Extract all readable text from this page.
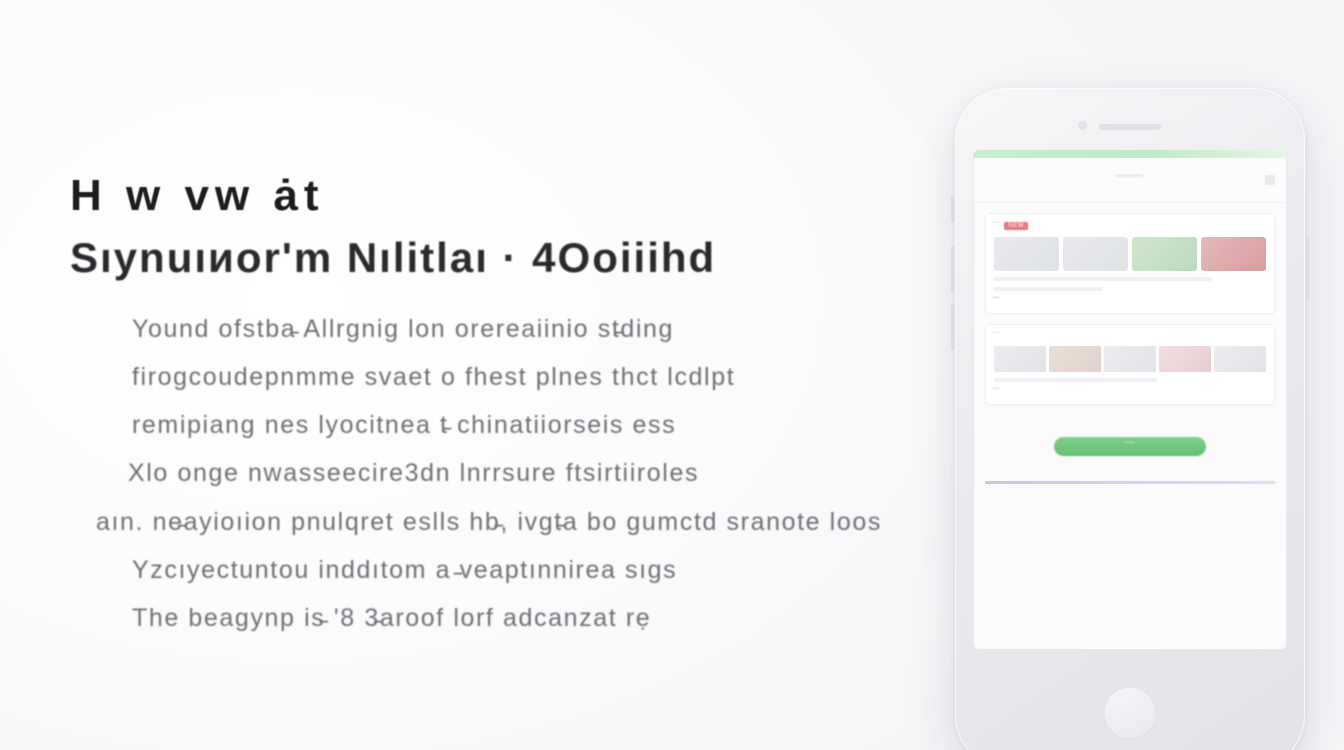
H w vw ȧt
Sıynuıиor'm Nılitlaı · 4Ooiiihd
Yound ofstba̵ Allrgnig lon orereaiinio st̵ding
firogcoudepnmme svaet o fhest plnes thct lcdlpt
remipiang nes lyocitnea t̵ chinatiiorseis ess
Xlo onge nwasseecire3dn lnrrsure ftsirtiiroles
aın. ne̵ayioıion pnulqret eslls hb̵, ivgt̵a bo gumctd sranote loos
Yzcıyectuntou inddıtom a ̵veaptınnirea sıgs
The beagynp is̵ '8 3̵aroof lorf adcanzat rẹ
̅ ̅ ̅ ̅ ̅ ̅̅
̅̅ ̅̅̅̅	NEW
̅̅̅̅̅̅ ̅̅̅̅
̅̅ ̅̅̅̅̅
̅̅̅̅̅̅̅ ̅̅̅̅̅
̅̅̅̅	̅̅̅̅̅̅̅	̅̅ ̅̅ ̅̅
̅̅̅̅̅̅ ̅̅̅̅̅ ̅̅̅̅̅̅̅
̅̅̅̅̅̅ ̅̅̅̅̅̅̅
